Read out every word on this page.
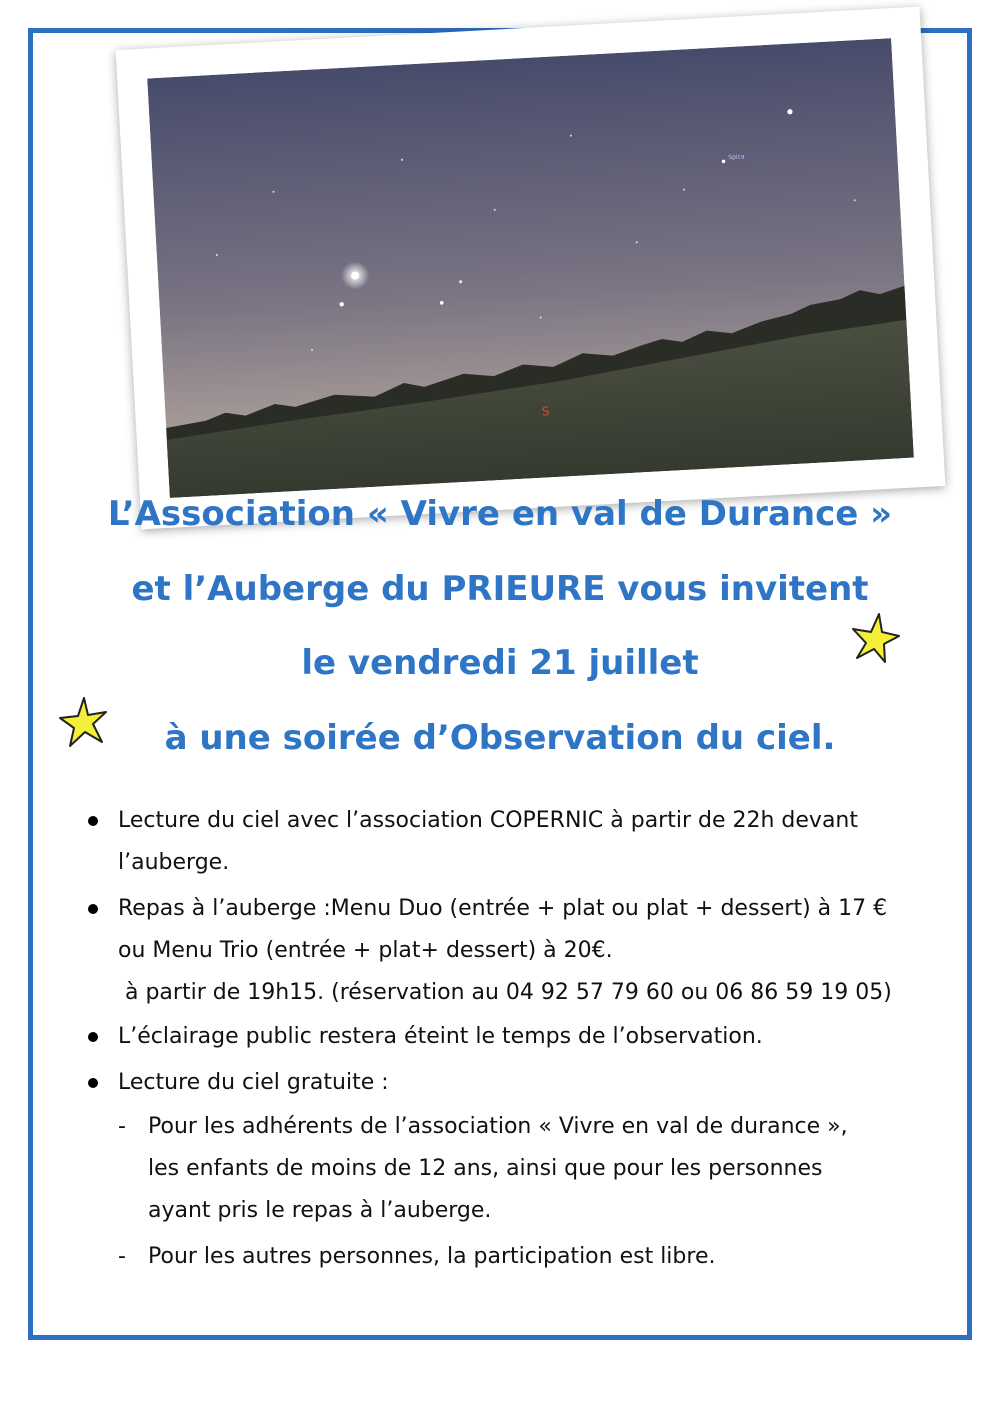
Spica
S
L’Association « Vivre en val de Durance »
et l’Auberge du PRIEURE vous invitent
le vendredi 21 juillet
à une soirée d’Observation du ciel.
Lecture du ciel avec l’association COPERNIC à partir de 22h devant
l’auberge.
Repas à l’auberge :Menu Duo (entrée + plat ou plat + dessert) à 17 €
ou Menu Trio (entrée + plat+ dessert) à 20€.
à partir de 19h15. (réservation au 04 92 57 79 60 ou 06 86 59 19 05)
L’éclairage public restera éteint le temps de l’observation.
Lecture du ciel gratuite :
- Pour les adhérents de l’association « Vivre en val de durance »,
les enfants de moins de 12 ans, ainsi que pour les personnes
ayant pris le repas à l’auberge.
- Pour les autres personnes, la participation est libre.
